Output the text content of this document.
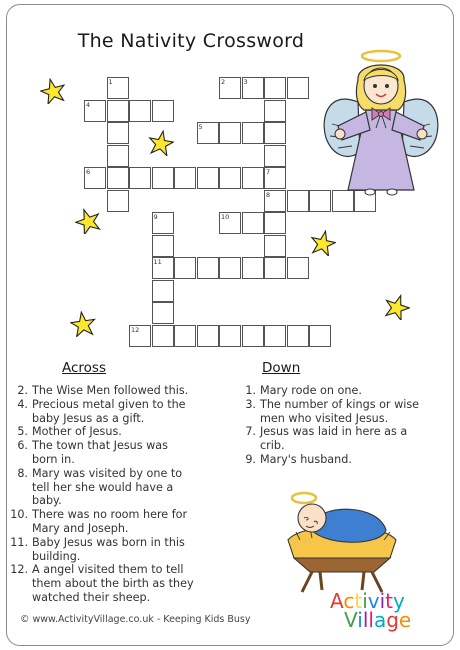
The Nativity Crossword
1	2	3
4
5
6	7
8
9	10
11
12
Across	Down
2. The Wise Men followed this.
4. Precious metal given to the
baby Jesus as a gift.
5. Mother of Jesus.
6. The town that Jesus was
born in.
8. Mary was visited by one to
tell her she would have a
baby.
10. There was no room here for
Mary and Joseph.
11. Baby Jesus was born in this
building.
12. A angel visited them to tell
them about the birth as they
watched their sheep.
1. Mary rode on one.
3. The number of kings or wise
men who visited Jesus.
7. Jesus was laid in here as a
crib.
9. Mary's husband.
© www.ActivityVillage.co.uk - Keeping Kids Busy
Activity
Village
